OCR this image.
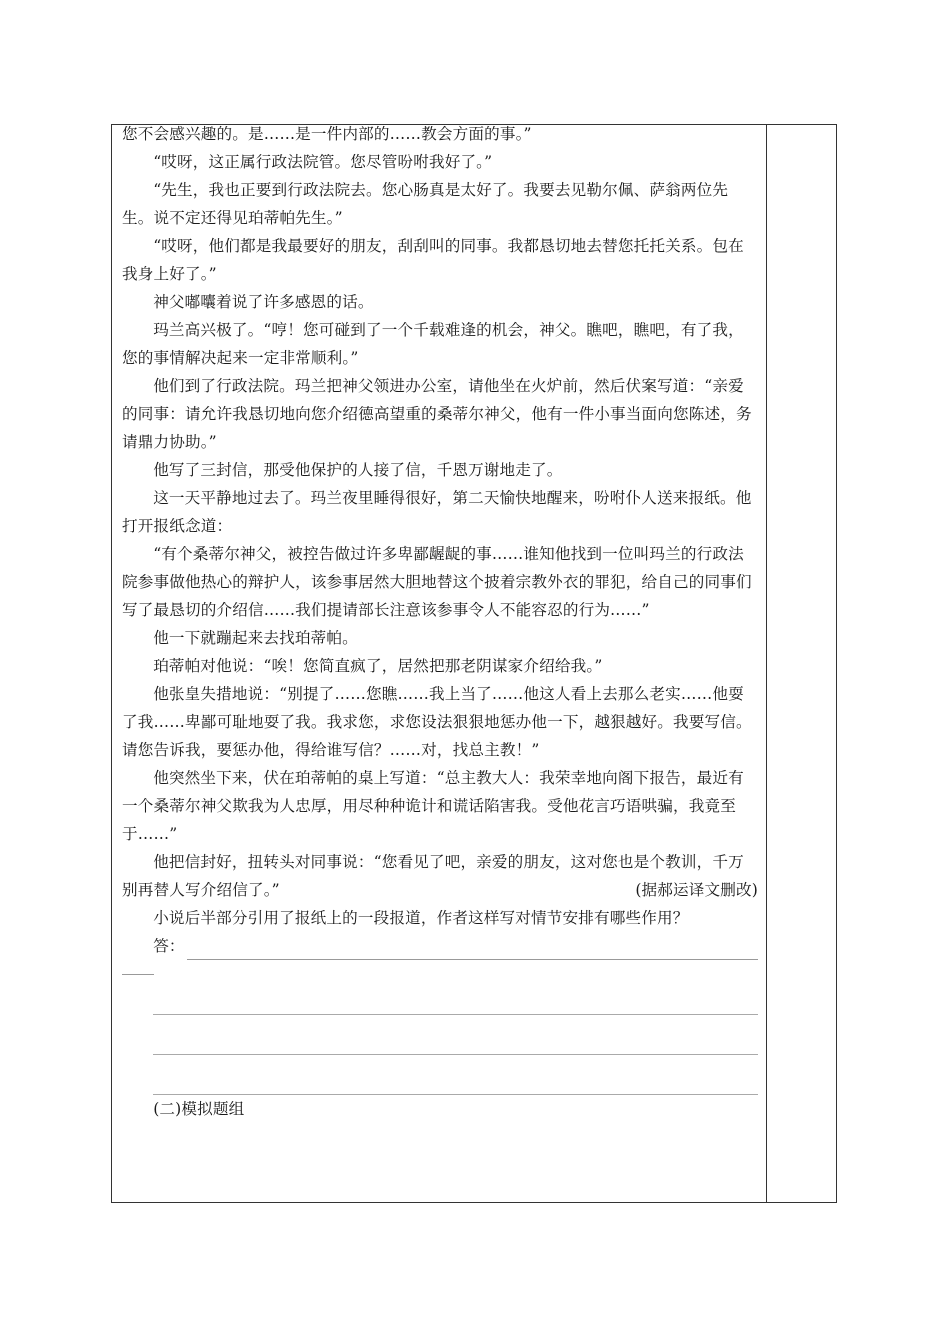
您不会感兴趣的。是……是一件内部的……教会方面的事。”

“哎呀，这正属行政法院管。您尽管吩咐我好了。”

“先生，我也正要到行政法院去。您心肠真是太好了。我要去见勒尔佩、萨翁两位先生。说不定还得见珀蒂帕先生。”

“哎呀，他们都是我最要好的朋友，刮刮叫的同事。我都恳切地去替您托托关系。包在我身上好了。”

神父嘟囔着说了许多感恩的话。

玛兰高兴极了。“哼！您可碰到了一个千载难逢的机会，神父。瞧吧，瞧吧，有了我，您的事情解决起来一定非常顺利。”

他们到了行政法院。玛兰把神父领进办公室，请他坐在火炉前，然后伏案写道：“亲爱的同事：请允许我恳切地向您介绍德高望重的桑蒂尔神父，他有一件小事当面向您陈述，务请鼎力协助。”

他写了三封信，那受他保护的人接了信，千恩万谢地走了。

这一天平静地过去了。玛兰夜里睡得很好，第二天愉快地醒来，吩咐仆人送来报纸。他打开报纸念道：

“有个桑蒂尔神父，被控告做过许多卑鄙龌龊的事……谁知他找到一位叫玛兰的行政法院参事做他热心的辩护人，该参事居然大胆地替这个披着宗教外衣的罪犯，给自己的同事们写了最恳切的介绍信……我们提请部长注意该参事令人不能容忍的行为……”

他一下就蹦起来去找珀蒂帕。

珀蒂帕对他说：“唉！您简直疯了，居然把那老阴谋家介绍给我。”

他张皇失措地说：“别提了……您瞧……我上当了……他这人看上去那么老实……他耍了我……卑鄙可耻地耍了我。我求您，求您设法狠狠地惩办他一下，越狠越好。我要写信。请您告诉我，要惩办他，得给谁写信？……对，找总主教！”

他突然坐下来，伏在珀蒂帕的桌上写道：“总主教大人：我荣幸地向阁下报告，最近有一个桑蒂尔神父欺我为人忠厚，用尽种种诡计和谎话陷害我。受他花言巧语哄骗，我竟至于……”

他把信封好，扭转头对同事说：“您看见了吧，亲爱的朋友，这对您也是个教训，千万别再替人写介绍信了。”	(据郝运译文删改)

小说后半部分引用了报纸上的一段报道，作者这样写对情节安排有哪些作用？

答：

(二)模拟题组
